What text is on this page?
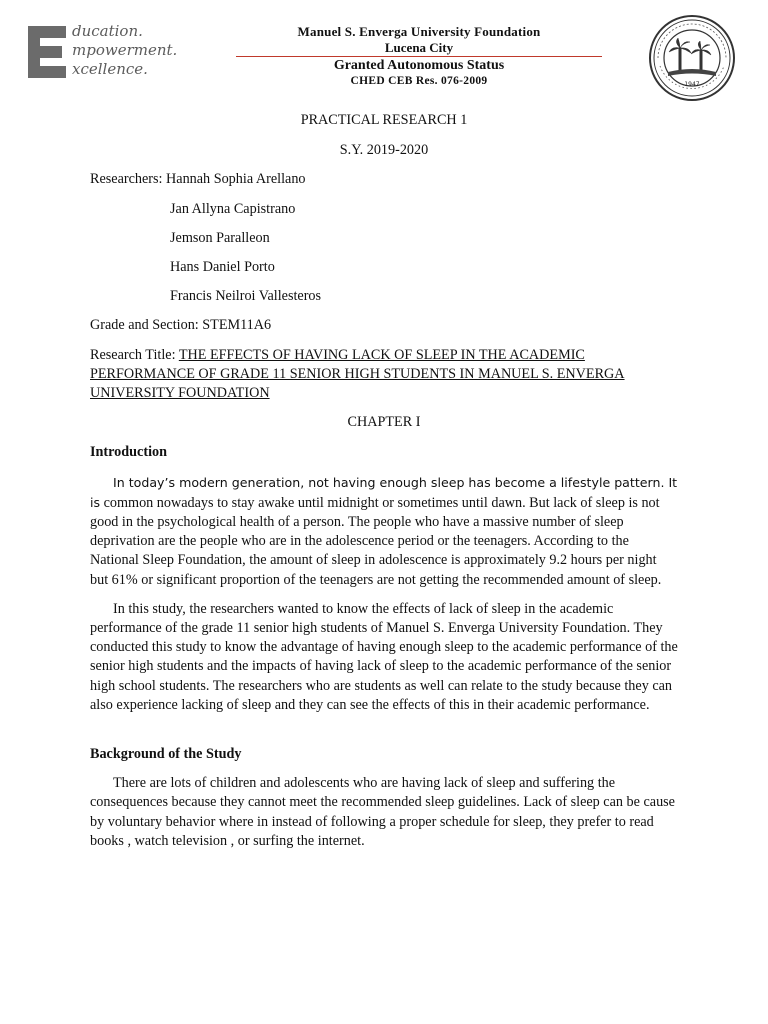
ducation.
mpowerment.
xcellence.
Manuel S. Enverga University Foundation
Lucena City
Granted Autonomous Status
CHED CEB Res. 076-2009	1947

PRACTICAL RESEARCH 1

S.Y. 2019-2020

Researchers: Hannah Sophia Arellano
Jan Allyna Capistrano
Jemson Paralleon
Hans Daniel Porto
Francis Neilroi Vallesteros

Grade and Section: STEM11A6

Research Title: THE EFFECTS OF HAVING LACK OF SLEEP IN THE ACADEMIC PERFORMANCE OF GRADE 11 SENIOR HIGH STUDENTS IN MANUEL S. ENVERGA UNIVERSITY FOUNDATION

CHAPTER I

Introduction

In today’s modern generation, not having enough sleep has become a lifestyle pattern. It is common nowadays to stay awake until midnight or sometimes until dawn. But lack of sleep is not good in the psychological health of a person. The people who have a massive number of sleep deprivation are the people who are in the adolescence period or the teenagers. According to the National Sleep Foundation, the amount of sleep in adolescence is approximately 9.2 hours per night but 61% or significant proportion of the teenagers are not getting the recommended amount of sleep.

In this study, the researchers wanted to know the effects of lack of sleep in the academic performance of the grade 11 senior high students of Manuel S. Enverga University Foundation. They conducted this study to know the advantage of having enough sleep to the academic performance of the senior high students and the impacts of having lack of sleep to the academic performance of the senior high school students. The researchers who are students as well can relate to the study because they can also experience lacking of sleep and they can see the effects of this in their academic performance.

Background of the Study

There are lots of children and adolescents who are having lack of sleep and suffering the consequences because they cannot meet the recommended sleep guidelines. Lack of sleep can be cause by voluntary behavior where in instead of following a proper schedule for sleep, they prefer to read books , watch television , or surfing the internet.
